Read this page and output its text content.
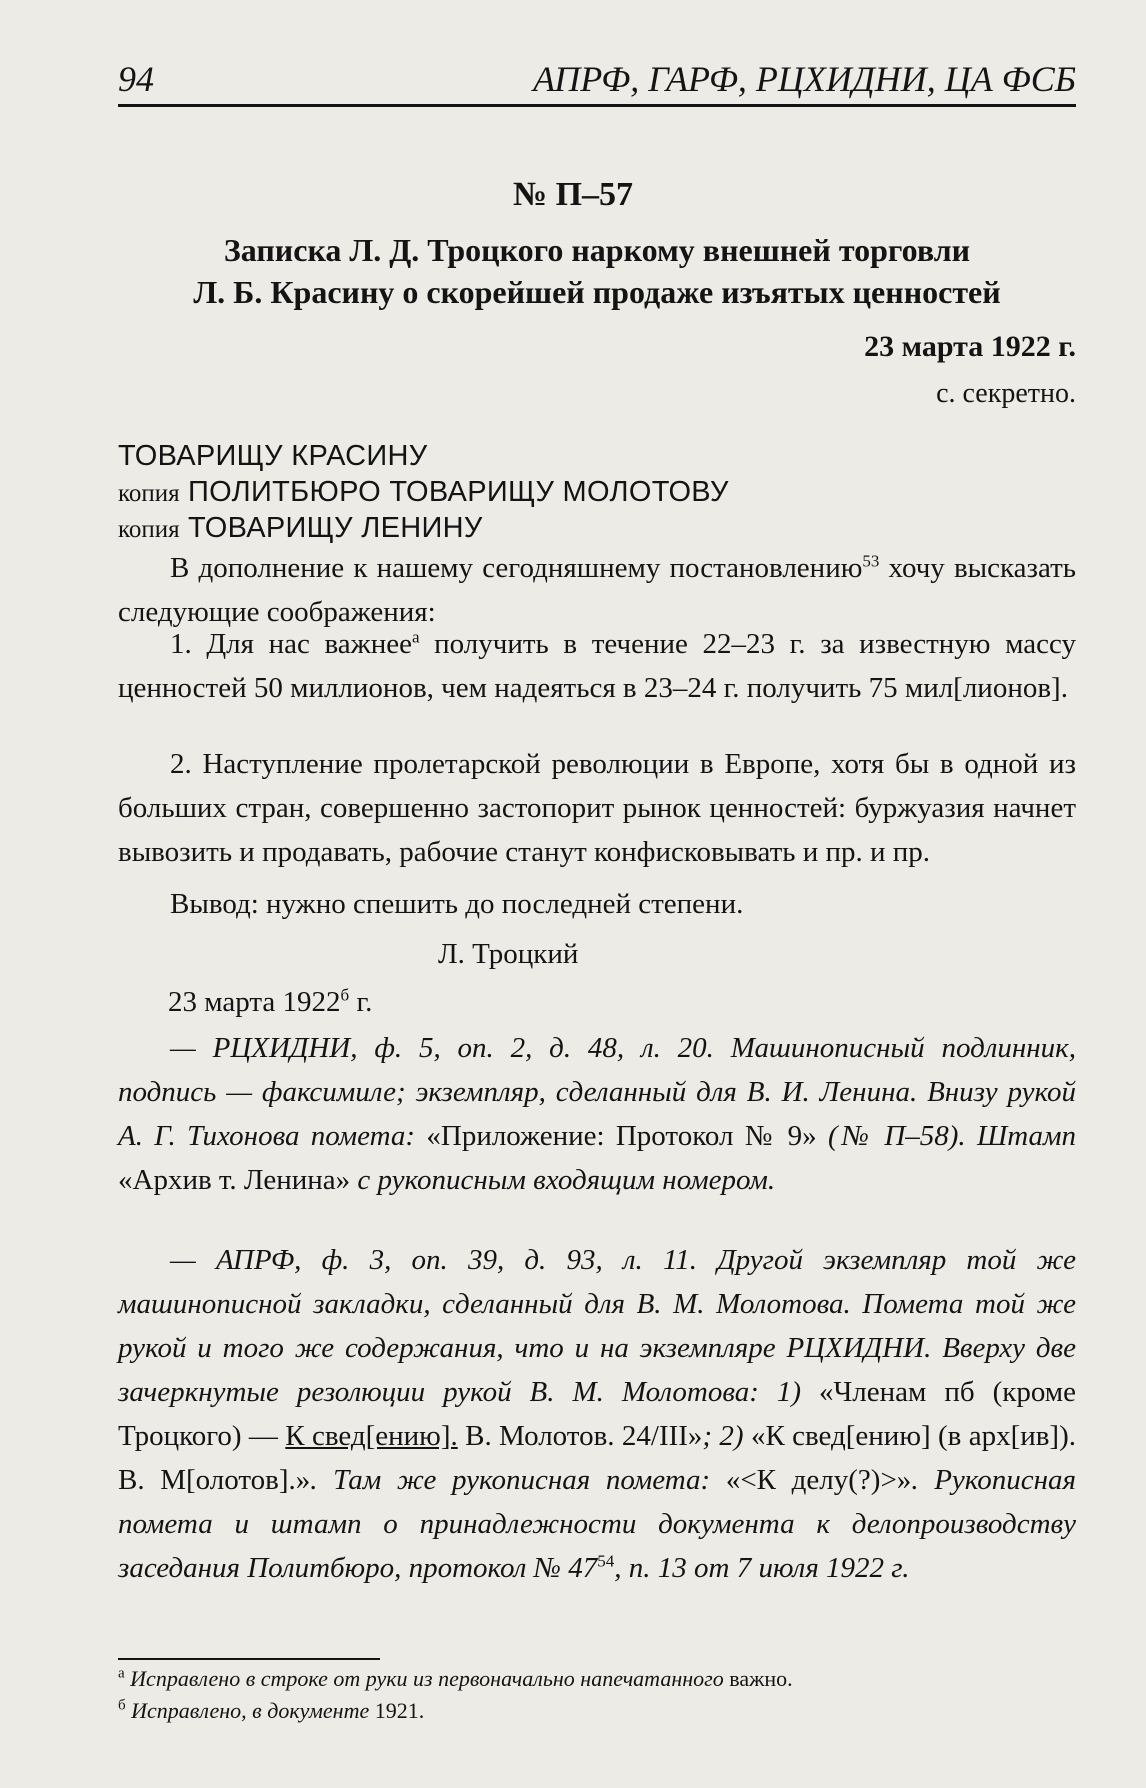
94	АПРФ, ГАРФ, РЦХИДНИ, ЦА ФСБ
№ П–57
Записка Л. Д. Троцкого наркому внешней торговли
Л. Б. Красину о скорейшей продаже изъятых ценностей
23 марта 1922 г.
с. секретно.
ТОВАРИЩУ КРАСИНУ
копия ПОЛИТБЮРО ТОВАРИЩУ МОЛОТОВУ
копия ТОВАРИЩУ ЛЕНИНУ
В дополнение к нашему сегодняшнему постановлению$^{53}$ хочу высказать следующие соображения:
1. Для нас важнее$^а$ получить в течение 22–23 г. за известную массу ценностей 50 миллионов, чем надеяться в 23–24 г. получить 75 мил[лионов].
2. Наступление пролетарской революции в Европе, хотя бы в одной из больших стран, совершенно застопорит рынок ценностей: буржуазия начнет вывозить и продавать, рабочие станут конфисковывать и пр. и пр.
Вывод: нужно спешить до последней степени.
Л. Троцкий
23 марта $1922^б$ г.
— РЦХИДНИ, ф. 5, оп. 2, д. 48, л. 20. Машинописный подлинник, подпись — факсимиле; экземпляр, сделанный для В. И. Ленина. Внизу рукой А. Г. Тихонова помета: «Приложение: Протокол № 9» (№ П–58). Штамп «Архив т. Ленина» с рукописным входящим номером.
— АПРФ, ф. 3, оп. 39, д. 93, л. 11. Другой экземпляр той же машинописной закладки, сделанный для В. М. Молотова. Помета той же рукой и того же содержания, что и на экземпляре РЦХИДНИ. Вверху две зачеркнутые резолюции рукой В. М. Молотова: 1) «Членам пб (кроме Троцкого) — К свед[ению]. В. Молотов. 24/III»; 2) «К свед[ению] (в арх[ив]). В. М[олотов].». Там же рукописная помета: «<К делу(?)>». Рукописная помета и штамп о принадлежности документа к делопроизводству заседания Политбюро, протокол № $47^{54}$, п. 13 от 7 июля 1922 г.
$^а$ Исправлено в строке от руки из первоначально напечатанного важно.
$^б$ Исправлено, в документе 1921.
